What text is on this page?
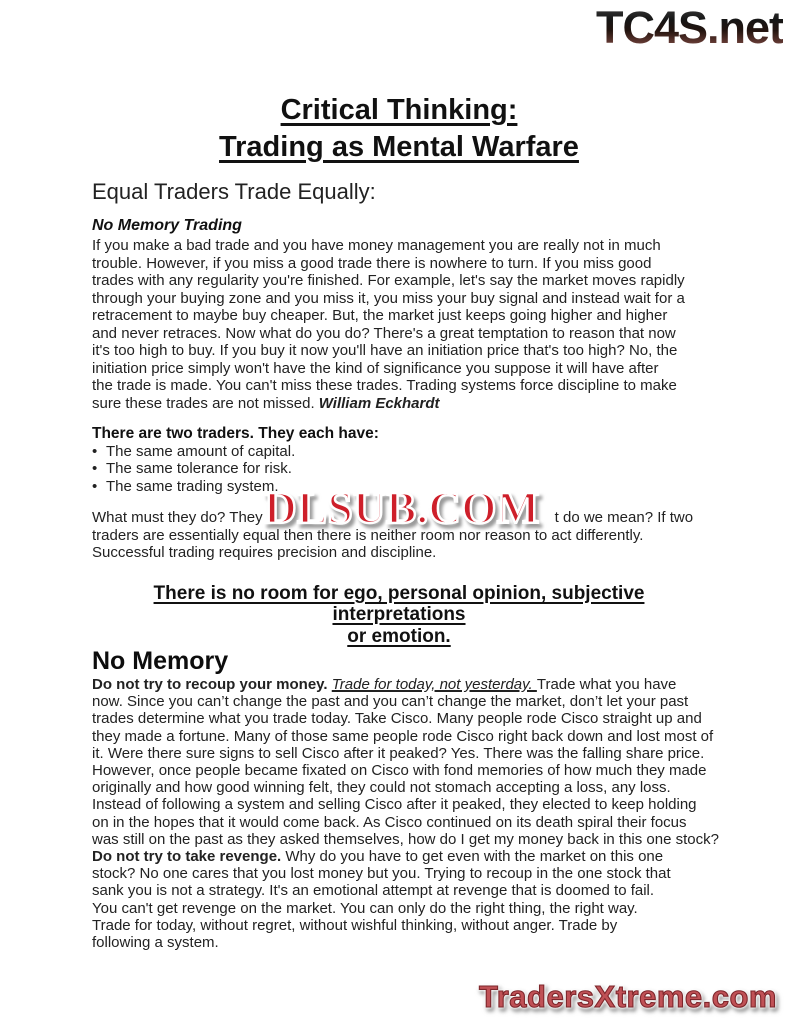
TC4S.net
Critical Thinking:
Trading as Mental Warfare
Equal Traders Trade Equally:
No Memory Trading
If you make a bad trade and you have money management you are really not in much
trouble. However, if you miss a good trade there is nowhere to turn. If you miss good
trades with any regularity you're finished. For example, let's say the market moves rapidly
through your buying zone and you miss it, you miss your buy signal and instead wait for a
retracement to maybe buy cheaper. But, the market just keeps going higher and higher
and never retraces. Now what do you do? There's a great temptation to reason that now
it's too high to buy. If you buy it now you'll have an initiation price that's too high? No, the
initiation price simply won't have the kind of significance you suppose it will have after
the trade is made. You can't miss these trades. Trading systems force discipline to make
sure these trades are not missed. William Eckhardt
There are two traders. They each have:
• The same amount of capital.
• The same tolerance for risk.
• The same trading system.
What must they do? They	t do we mean? If two
traders are essentially equal then there is neither room nor reason to act differently.
Successful trading requires precision and discipline.
There is no room for ego, personal opinion, subjective interpretations
or emotion.
No Memory
Do not try to recoup your money. Trade for today, not yesterday. Trade what you have
now. Since you can’t change the past and you can’t change the market, don’t let your past
trades determine what you trade today. Take Cisco. Many people rode Cisco straight up and
they made a fortune. Many of those same people rode Cisco right back down and lost most of
it. Were there sure signs to sell Cisco after it peaked? Yes. There was the falling share price.
However, once people became fixated on Cisco with fond memories of how much they made
originally and how good winning felt, they could not stomach accepting a loss, any loss.
Instead of following a system and selling Cisco after it peaked, they elected to keep holding
on in the hopes that it would come back. As Cisco continued on its death spiral their focus
was still on the past as they asked themselves, how do I get my money back in this one stock?
Do not try to take revenge. Why do you have to get even with the market on this one
stock? No one cares that you lost money but you. Trying to recoup in the one stock that
sank you is not a strategy. It's an emotional attempt at revenge that is doomed to fail.
You can't get revenge on the market. You can only do the right thing, the right way.
Trade for today, without regret, without wishful thinking, without anger. Trade by
following a system.
DLSUB.COM
TradersXtreme.com
